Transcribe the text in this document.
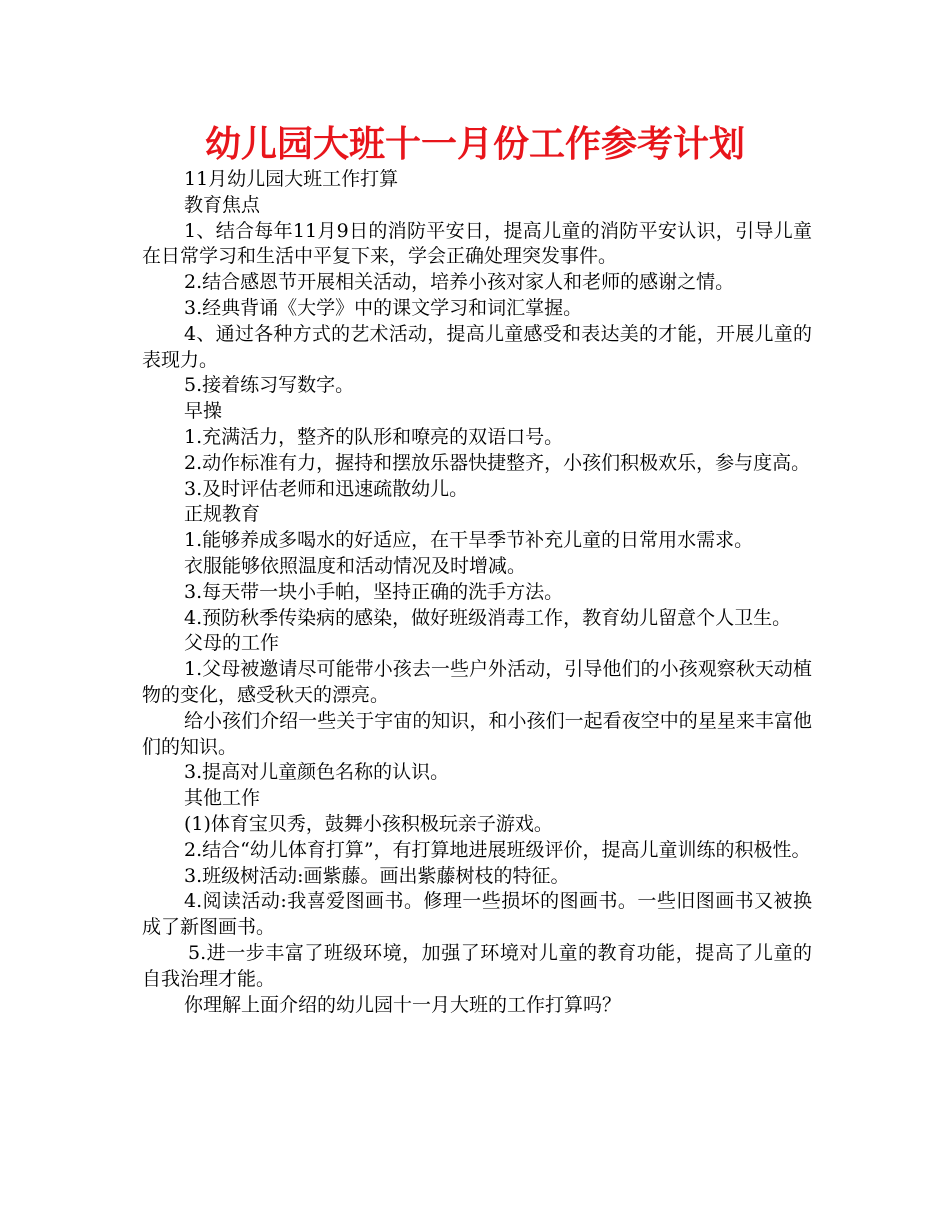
幼儿园大班十一月份工作参考计划

11月幼儿园大班工作打算

教育焦点

1、结合每年11月9日的消防平安日，提高儿童的消防平安认识，引导儿童在日常学习和生活中平复下来，学会正确处理突发事件。

2.结合感恩节开展相关活动，培养小孩对家人和老师的感谢之情。

3.经典背诵《大学》中的课文学习和词汇掌握。

4、通过各种方式的艺术活动，提高儿童感受和表达美的才能，开展儿童的表现力。

5.接着练习写数字。

早操

1.充满活力，整齐的队形和嘹亮的双语口号。

2.动作标准有力，握持和摆放乐器快捷整齐，小孩们积极欢乐，参与度高。

3.及时评估老师和迅速疏散幼儿。

正规教育

1.能够养成多喝水的好适应，在干旱季节补充儿童的日常用水需求。

衣服能够依照温度和活动情况及时增减。

3.每天带一块小手帕，坚持正确的洗手方法。

4.预防秋季传染病的感染，做好班级消毒工作，教育幼儿留意个人卫生。

父母的工作

1.父母被邀请尽可能带小孩去一些户外活动，引导他们的小孩观察秋天动植物的变化，感受秋天的漂亮。

给小孩们介绍一些关于宇宙的知识，和小孩们一起看夜空中的星星来丰富他们的知识。

3.提高对儿童颜色名称的认识。

其他工作

(1)体育宝贝秀，鼓舞小孩积极玩亲子游戏。

2.结合“幼儿体育打算”，有打算地进展班级评价，提高儿童训练的积极性。

3.班级树活动:画紫藤。画出紫藤树枝的特征。

4.阅读活动:我喜爱图画书。修理一些损坏的图画书。一些旧图画书又被换成了新图画书。

5.进一步丰富了班级环境，加强了环境对儿童的教育功能，提高了儿童的自我治理才能。

你理解上面介绍的幼儿园十一月大班的工作打算吗？
